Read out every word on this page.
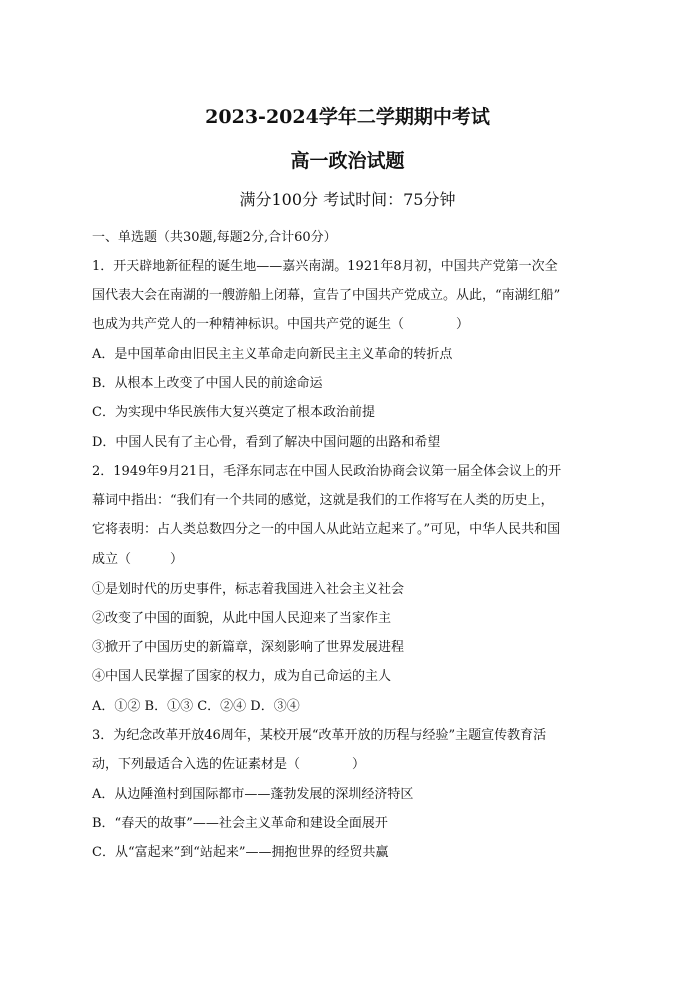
2023-2024学年二学期期中考试
高一政治试题
满分100分 考试时间：75分钟
一、单选题（共30题,每题2分,合计60分）
1．开天辟地新征程的诞生地——嘉兴南湖。1921年8月初，中国共产党第一次全
国代表大会在南湖的一艘游船上闭幕，宣告了中国共产党成立。从此，“南湖红船”
也成为共产党人的一种精神标识。中国共产党的诞生（　　　　）
A．是中国革命由旧民主主义革命走向新民主主义革命的转折点
B．从根本上改变了中国人民的前途命运
C．为实现中华民族伟大复兴奠定了根本政治前提
D．中国人民有了主心骨，看到了解决中国问题的出路和希望
2．1949年9月21日，毛泽东同志在中国人民政治协商会议第一届全体会议上的开
幕词中指出：“我们有一个共同的感觉，这就是我们的工作将写在人类的历史上，
它将表明：占人类总数四分之一的中国人从此站立起来了。”可见，中华人民共和国
成立（　　　）
①是划时代的历史事件，标志着我国进入社会主义社会
②改变了中国的面貌，从此中国人民迎来了当家作主
③掀开了中国历史的新篇章，深刻影响了世界发展进程
④中国人民掌握了国家的权力，成为自己命运的主人
A．①② B．①③ C．②④ D．③④
3．为纪念改革开放46周年，某校开展“改革开放的历程与经验”主题宣传教育活
动，下列最适合入选的佐证素材是（　　　　）
A．从边陲渔村到国际都市——蓬勃发展的深圳经济特区
B．“春天的故事”——社会主义革命和建设全面展开
C．从“富起来”到“站起来”——拥抱世界的经贸共赢
